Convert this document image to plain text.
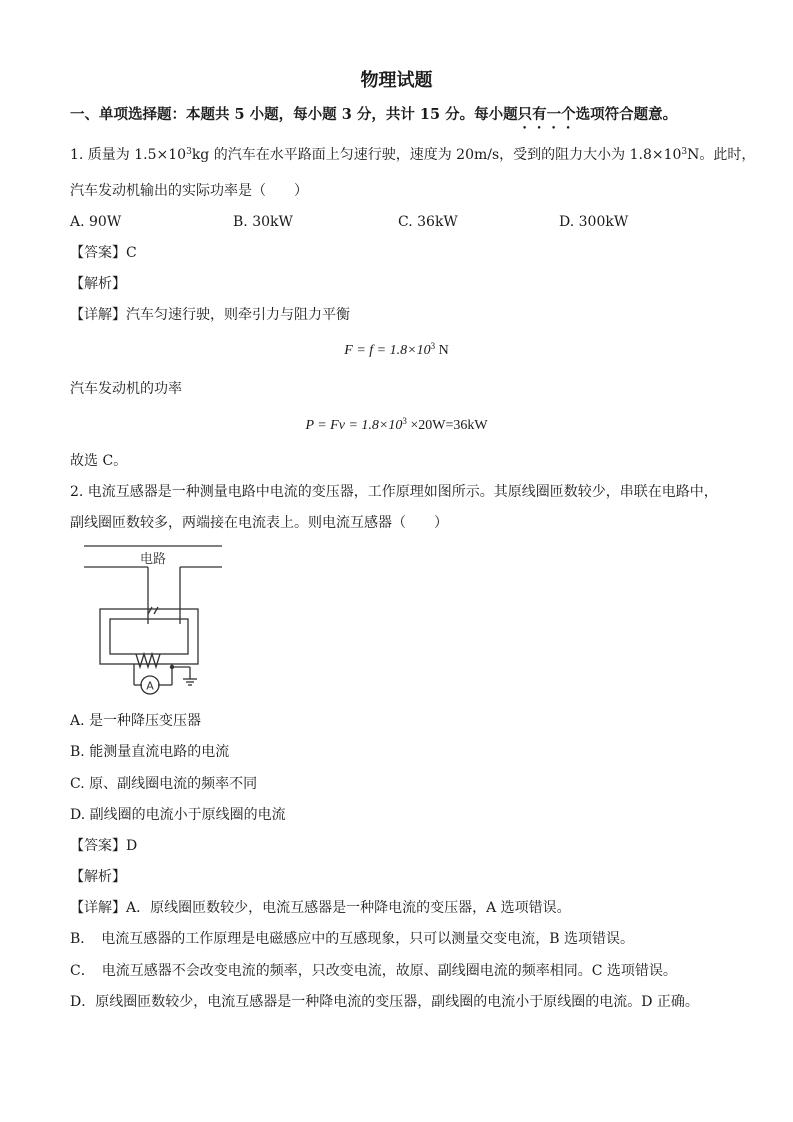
物理试题
一、单项选择题：本题共 5 小题，每小题 3 分，共计 15 分。每小题只有一个选项符合题意。
1. 质量为 $1.5\times 10^3kg$ 的汽车在水平路面上匀速行驶，速度为 20m/s，受到的阻力大小为 $1.8\times 10^3N$。此时，
汽车发动机输出的实际功率是（　　）
A. 90W	B. 30kW	C. 36kW	D. 300kW
【答案】C
【解析】
【详解】汽车匀速行驶，则牵引力与阻力平衡
$F = f = 1.8\times 10^3$ N
汽车发动机的功率
$P = Fv = 1.8\times 10^3 \times 20W=36kW$
故选 C。
2. 电流互感器是一种测量电路中电流的变压器，工作原理如图所示。其原线圈匝数较少，串联在电路中，
副线圈匝数较多，两端接在电流表上。则电流互感器（　　）
电路
A
A. 是一种降压变压器
B. 能测量直流电路的电流
C. 原、副线圈电流的频率不同
D. 副线圈的电流小于原线圈的电流
【答案】D
【解析】
【详解】A．原线圈匝数较少，电流互感器是一种降电流的变压器，A 选项错误。
B．　电流互感器的工作原理是电磁感应中的互感现象，只可以测量交变电流，B 选项错误。
C．　电流互感器不会改变电流的频率，只改变电流，故原、副线圈电流的频率相同。C 选项错误。
D．原线圈匝数较少，电流互感器是一种降电流的变压器，副线圈的电流小于原线圈的电流。D 正确。
